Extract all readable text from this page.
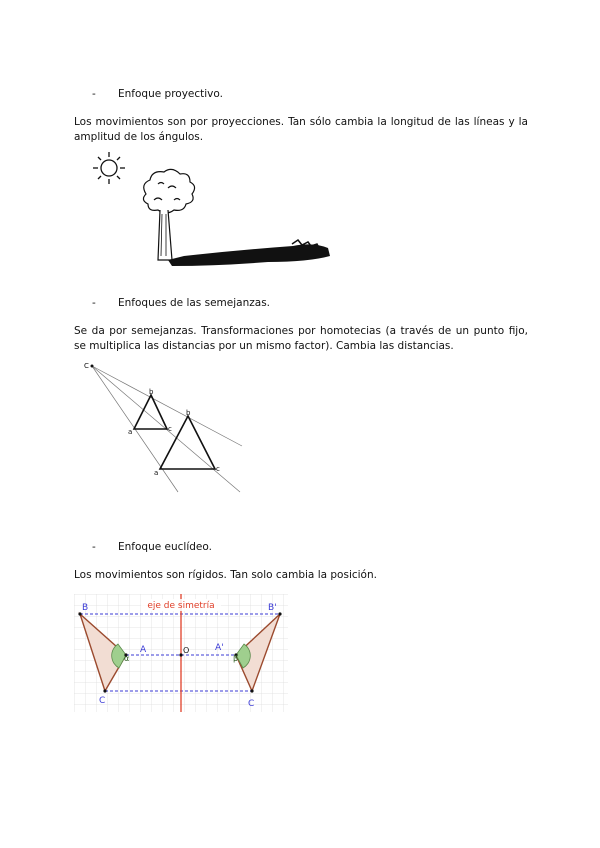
- Enfoque proyectivo.
Los movimientos son por proyecciones. Tan sólo cambia la longitud de las líneas y la amplitud de los ángulos.
- Enfoques de las semejanzas.
Se da por semejanzas. Transformaciones por homotecias (a través de un punto fijo, se multiplica las distancias por un mismo factor). Cambia las distancias.
C
b
a	c
b
a	c
- Enfoque euclídeo.
Los movimientos son rígidos. Tan solo cambia la posición.
eje de simetría
B
A
C
B'
A'
C
O
α	β
